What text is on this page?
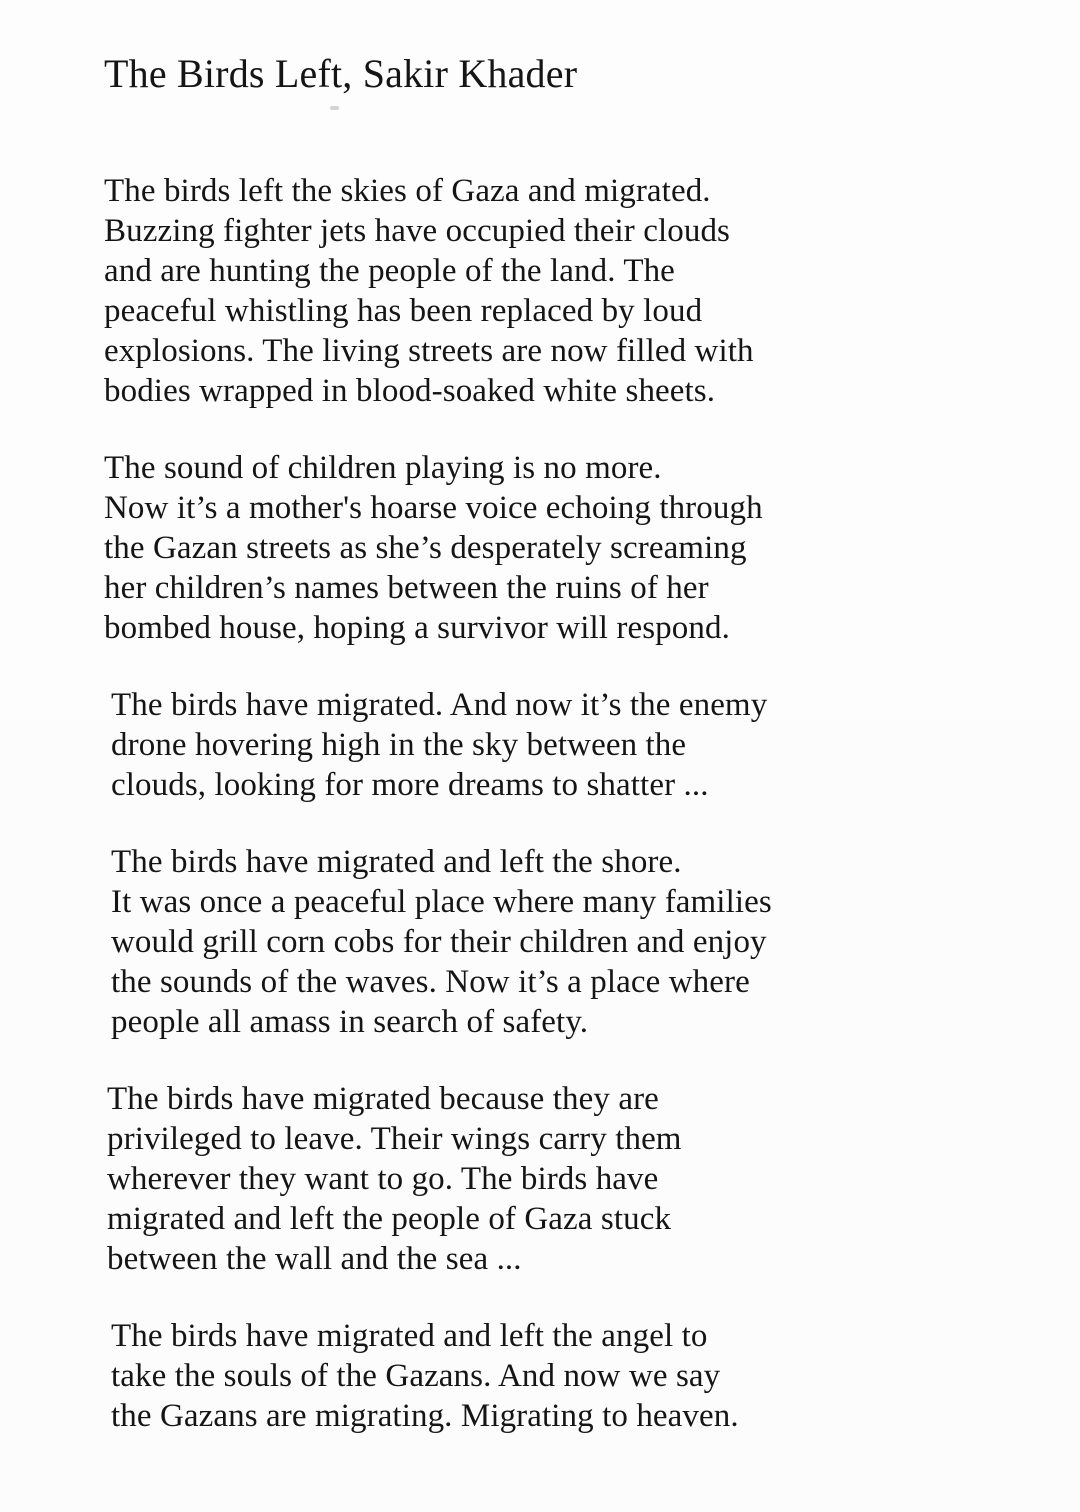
The Birds Left, Sakir Khader
The birds left the skies of Gaza and migrated.
Buzzing fighter jets have occupied their clouds
and are hunting the people of the land. The
peaceful whistling has been replaced by loud
explosions. The living streets are now filled with
bodies wrapped in blood-soaked white sheets.
The sound of children playing is no more.
Now it’s a mother's hoarse voice echoing through
the Gazan streets as she’s desperately screaming
her children’s names between the ruins of her
bombed house, hoping a survivor will respond.
The birds have migrated. And now it’s the enemy
drone hovering high in the sky between the
clouds, looking for more dreams to shatter ...
The birds have migrated and left the shore.
It was once a peaceful place where many families
would grill corn cobs for their children and enjoy
the sounds of the waves. Now it’s a place where
people all amass in search of safety.
The birds have migrated because they are
privileged to leave. Their wings carry them
wherever they want to go. The birds have
migrated and left the people of Gaza stuck
between the wall and the sea ...
The birds have migrated and left the angel to
take the souls of the Gazans. And now we say
the Gazans are migrating. Migrating to heaven.
